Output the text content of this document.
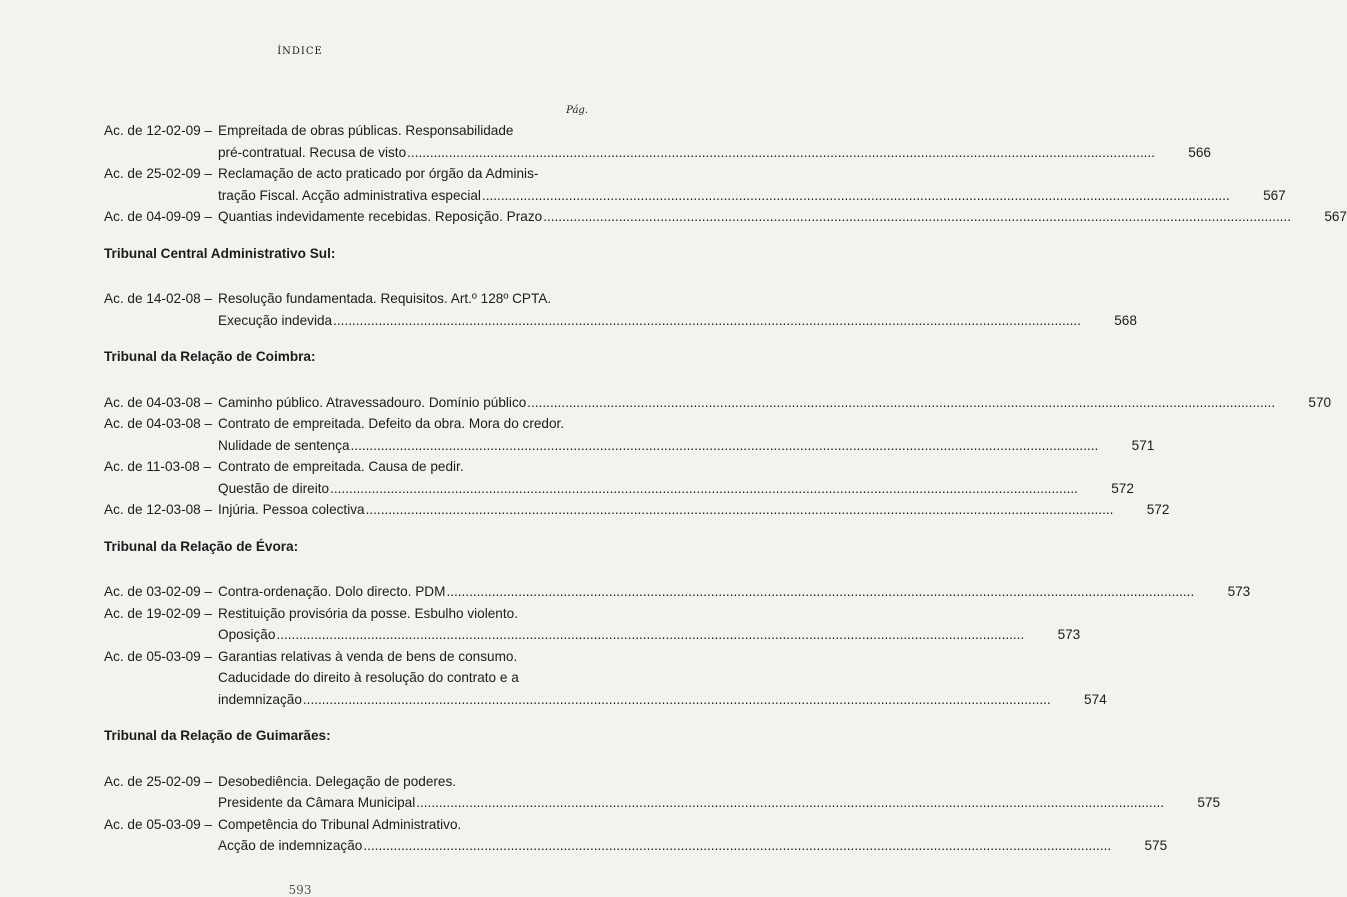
ÍNDICE
Pág.
Ac. de 12-02-09 – Empreitada de obras públicas. Responsabilidade
pré-contratual. Recusa de visto .....	566
Ac. de 25-02-09 – Reclamação de acto praticado por órgão da Adminis-
tração Fiscal. Acção administrativa especial .....	567
Ac. de 04-09-09 – Quantias indevidamente recebidas. Reposição. Prazo .....	567
Tribunal Central Administrativo Sul:
Ac. de 14-02-08 – Resolução fundamentada. Requisitos. Art.º 128º CPTA.
Execução indevida .....	568
Tribunal da Relação de Coimbra:
Ac. de 04-03-08 – Caminho público. Atravessadouro. Domínio público .....	570
Ac. de 04-03-08 – Contrato de empreitada. Defeito da obra. Mora do credor.
Nulidade de sentença .....	571
Ac. de 11-03-08 – Contrato de empreitada. Causa de pedir.
Questão de direito .....	572
Ac. de 12-03-08 – Injúria. Pessoa colectiva .....	572
Tribunal da Relação de Évora:
Ac. de 03-02-09 – Contra-ordenação. Dolo directo. PDM .....	573
Ac. de 19-02-09 – Restituição provisória da posse. Esbulho violento.
Oposição .....	573
Ac. de 05-03-09 – Garantias relativas à venda de bens de consumo.
Caducidade do direito à resolução do contrato e a
indemnização .....	574
Tribunal da Relação de Guimarães:
Ac. de 25-02-09 – Desobediência. Delegação de poderes.
Presidente da Câmara Municipal .....	575
Ac. de 05-03-09 – Competência do Tribunal Administrativo.
Acção de indemnização .....	575
593
